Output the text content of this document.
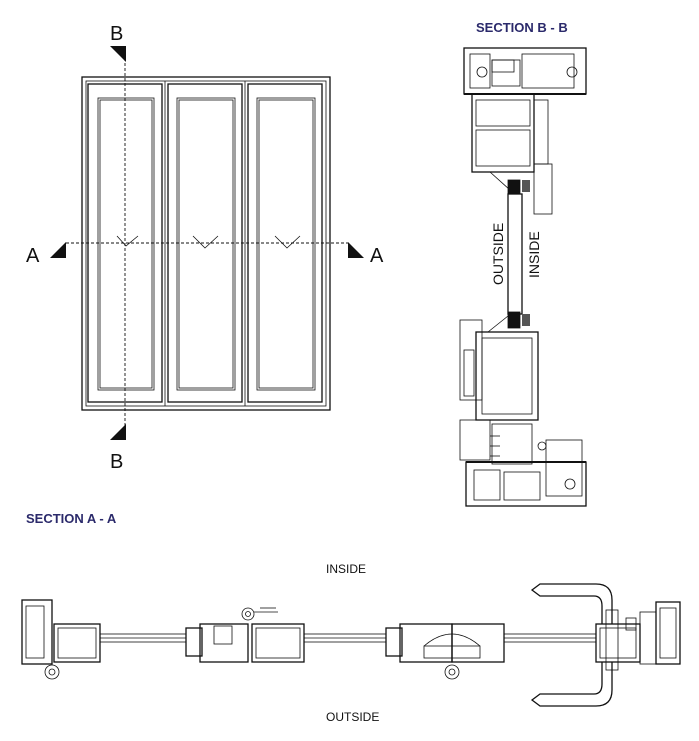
B
B
A	A
SECTION B - B
OUTSIDE INSIDE
SECTION A - A
INSIDE
OUTSIDE
